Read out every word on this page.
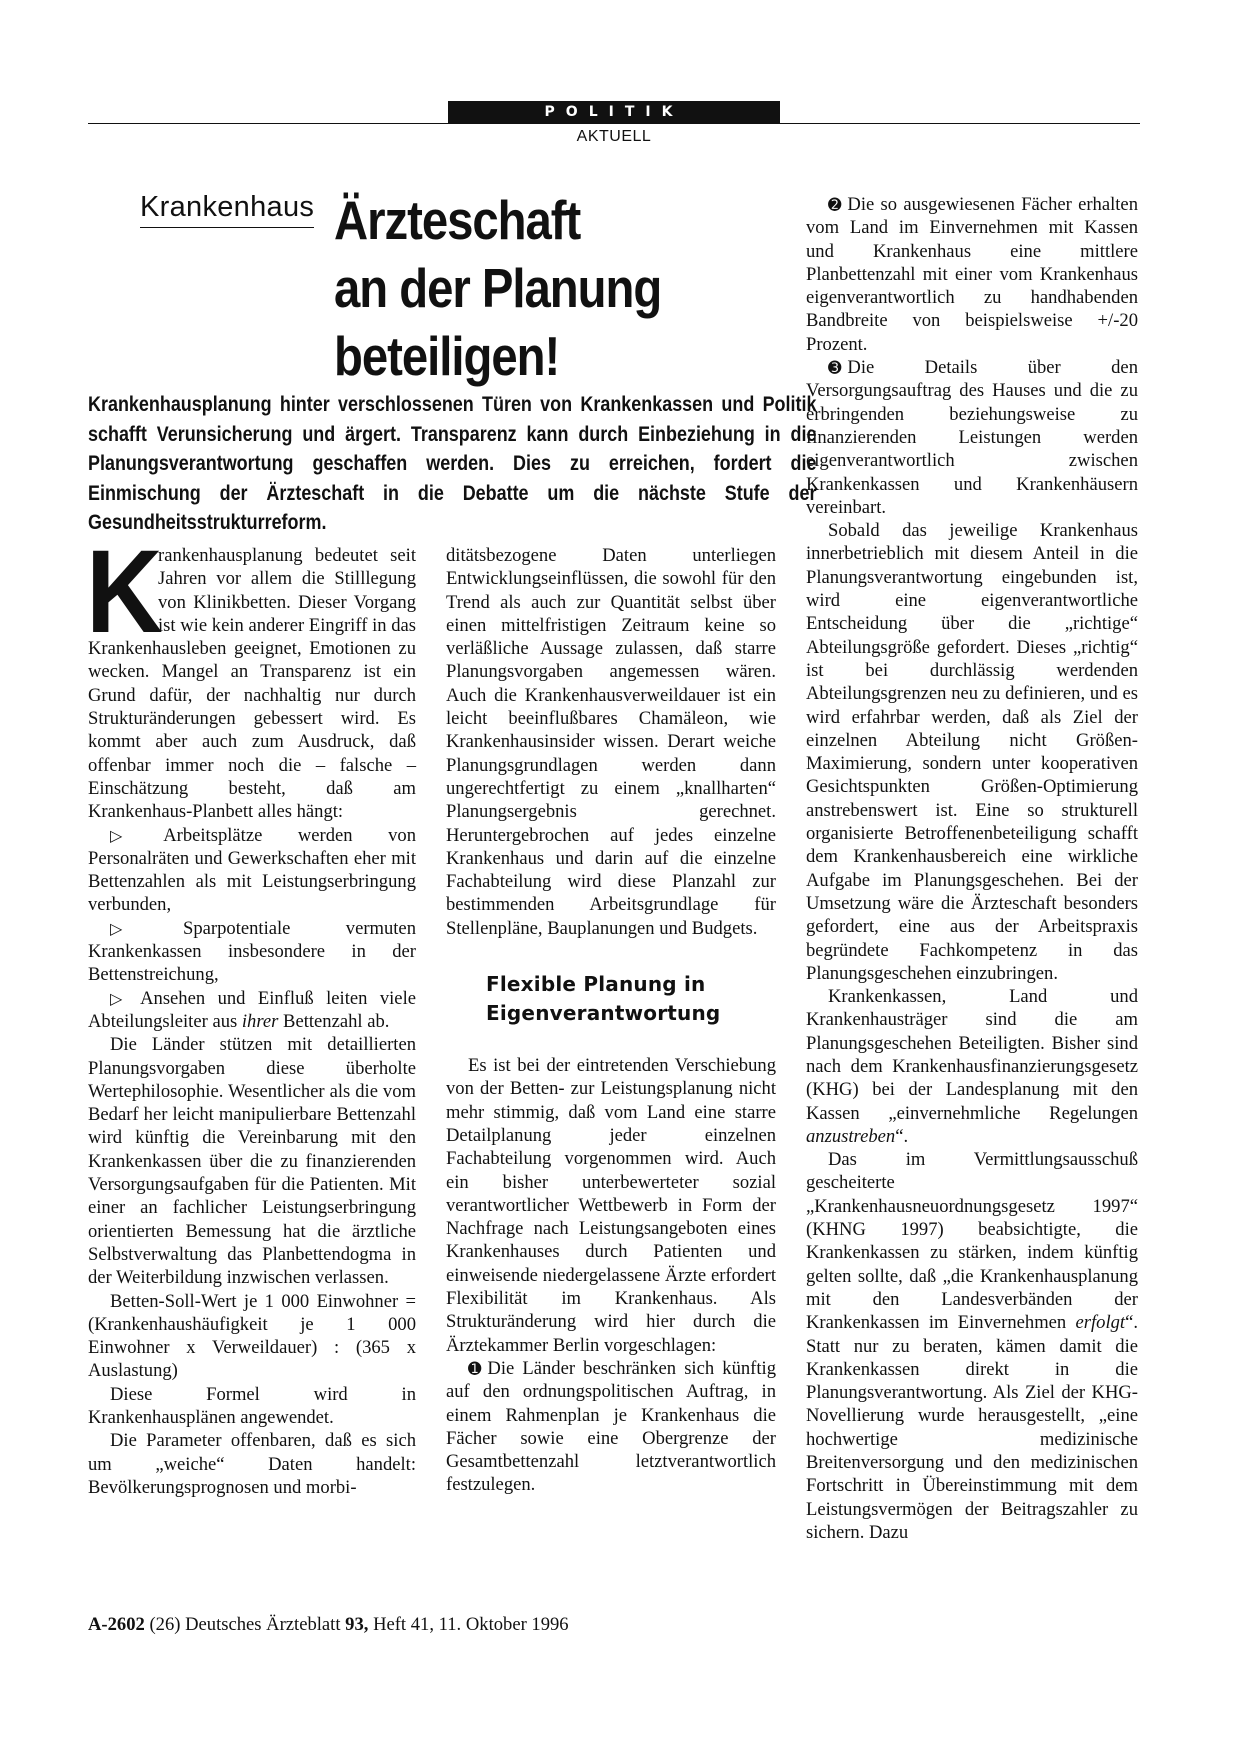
POLITIK
AKTUELL
Krankenhaus Ärzteschaft
an der Planung
beteiligen!
Krankenhausplanung hinter verschlossenen Türen von Krankenkassen und Politik schafft Verunsicherung und ärgert. Transparenz kann durch Einbeziehung in die Planungsverantwortung geschaffen werden. Dies zu erreichen, fordert die Einmischung der Ärzteschaft in die Debatte um die nächste Stufe der Gesundheitsstrukturreform.

K
rankenhausplanung bedeutet seit Jahren vor allem die Stilllegung von Klinikbetten. Dieser Vorgang ist wie kein anderer Eingriff in das Krankenhausleben geeignet, Emotionen zu wecken. Mangel an Transparenz ist ein Grund dafür, der nachhaltig nur durch Strukturänderungen gebessert wird. Es kommt aber auch zum Ausdruck, daß offenbar immer noch die – falsche – Einschätzung besteht, daß am Krankenhaus-Planbett alles hängt:

▷ Arbeitsplätze werden von Personalräten und Gewerkschaften eher mit Bettenzahlen als mit Leistungserbringung verbunden,

▷ Sparpotentiale vermuten Krankenkassen insbesondere in der Bettenstreichung,

▷ Ansehen und Einfluß leiten viele Abteilungsleiter aus ihrer Bettenzahl ab.

Die Länder stützen mit detaillierten Planungsvorgaben diese überholte Wertephilosophie. Wesentlicher als die vom Bedarf her leicht manipulierbare Bettenzahl wird künftig die Vereinbarung mit den Krankenkassen über die zu finanzierenden Versorgungsaufgaben für die Patienten. Mit einer an fachlicher Leistungserbringung orientierten Bemessung hat die ärztliche Selbstverwaltung das Planbettendogma in der Weiterbildung inzwischen verlassen.

Betten-Soll-Wert je 1 000 Einwohner = (Krankenhaushäufigkeit je 1 000 Einwohner x Verweildauer) : (365 x Auslastung)

Diese Formel wird in Krankenhausplänen angewendet.

Die Parameter offenbaren, daß es sich um „weiche“ Daten handelt: Bevölkerungsprognosen und morbi-

ditätsbezogene Daten unterliegen Entwicklungseinflüssen, die sowohl für den Trend als auch zur Quantität selbst über einen mittelfristigen Zeitraum keine so verläßliche Aussage zulassen, daß starre Planungsvorgaben angemessen wären. Auch die Krankenhausverweildauer ist ein leicht beeinflußbares Chamäleon, wie Krankenhausinsider wissen. Derart weiche Planungsgrundlagen werden dann ungerechtfertigt zu einem „knallharten“ Planungsergebnis gerechnet. Heruntergebrochen auf jedes einzelne Krankenhaus und darin auf die einzelne Fachabteilung wird diese Planzahl zur bestimmenden Arbeitsgrundlage für Stellenpläne, Bauplanungen und Budgets.

Flexible Planung in
Eigenverantwortung

Es ist bei der eintretenden Verschiebung von der Betten- zur Leistungsplanung nicht mehr stimmig, daß vom Land eine starre Detailplanung jeder einzelnen Fachabteilung vorgenommen wird. Auch ein bisher unterbewerteter sozial verantwortlicher Wettbewerb in Form der Nachfrage nach Leistungsangeboten eines Krankenhauses durch Patienten und einweisende niedergelassene Ärzte erfordert Flexibilität im Krankenhaus. Als Strukturänderung wird hier durch die Ärztekammer Berlin vorgeschlagen:

➊ Die Länder beschränken sich künftig auf den ordnungspolitischen Auftrag, in einem Rahmenplan je Krankenhaus die Fächer sowie eine Obergrenze der Gesamtbettenzahl letztverantwortlich festzulegen.

➋ Die so ausgewiesenen Fächer erhalten vom Land im Einvernehmen mit Kassen und Krankenhaus eine mittlere Planbettenzahl mit einer vom Krankenhaus eigenverantwortlich zu handhabenden Bandbreite von beispielsweise +/-20 Prozent.

➌ Die Details über den Versorgungsauftrag des Hauses und die zu erbringenden beziehungsweise zu finanzierenden Leistungen werden eigenverantwortlich zwischen Krankenkassen und Krankenhäusern vereinbart.

Sobald das jeweilige Krankenhaus innerbetrieblich mit diesem Anteil in die Planungsverantwortung eingebunden ist, wird eine eigenverantwortliche Entscheidung über die „richtige“ Abteilungsgröße gefordert. Dieses „richtig“ ist bei durchlässig werdenden Abteilungsgrenzen neu zu definieren, und es wird erfahrbar werden, daß als Ziel der einzelnen Abteilung nicht Größen-Maximierung, sondern unter kooperativen Gesichtspunkten Größen-Optimierung anstrebenswert ist. Eine so strukturell organisierte Betroffenenbeteiligung schafft dem Krankenhausbereich eine wirkliche Aufgabe im Planungsgeschehen. Bei der Umsetzung wäre die Ärzteschaft besonders gefordert, eine aus der Arbeitspraxis begründete Fachkompetenz in das Planungsgeschehen einzubringen.

Krankenkassen, Land und Krankenhausträger sind die am Planungsgeschehen Beteiligten. Bisher sind nach dem Krankenhausfinanzierungsgesetz (KHG) bei der Landesplanung mit den Kassen „einvernehmliche Regelungen anzustreben“.

Das im Vermittlungsausschuß gescheiterte „Krankenhausneuordnungsgesetz 1997“ (KHNG 1997) beabsichtigte, die Krankenkassen zu stärken, indem künftig gelten sollte, daß „die Krankenhausplanung mit den Landesverbänden der Krankenkassen im Einvernehmen erfolgt“. Statt nur zu beraten, kämen damit die Krankenkassen direkt in die Planungsverantwortung. Als Ziel der KHG-Novellierung wurde herausgestellt, „eine hochwertige medizinische Breitenversorgung und den medizinischen Fortschritt in Übereinstimmung mit dem Leistungsvermögen der Beitragszahler zu sichern. Dazu

A-2602 (26) Deutsches Ärzteblatt 93, Heft 41, 11. Oktober 1996
